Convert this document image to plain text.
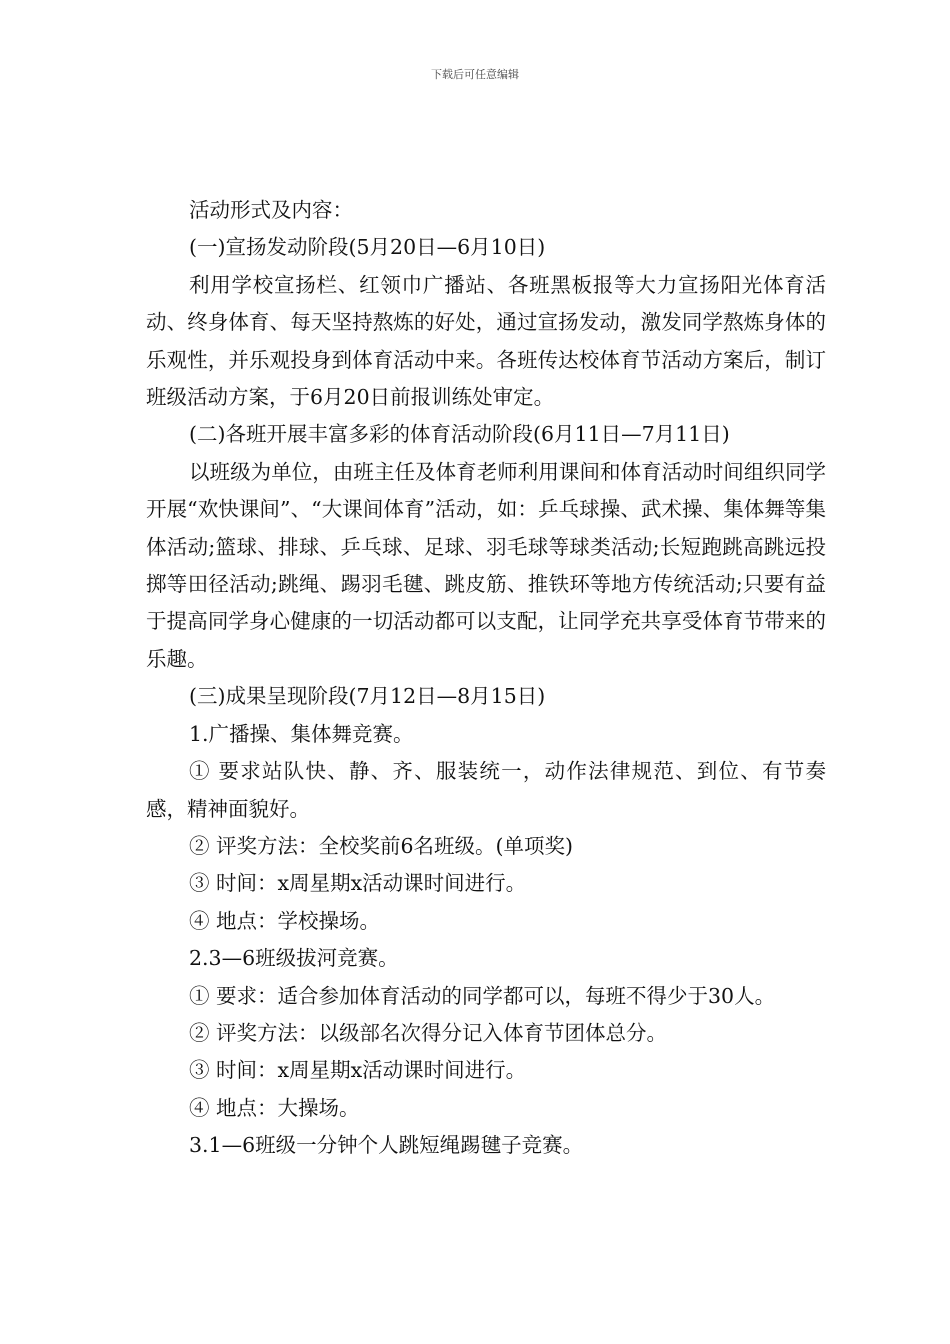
下载后可任意编辑

活动形式及内容：

(一)宣扬发动阶段(5月20日—6月10日)

利用学校宣扬栏、红领巾广播站、各班黑板报等大力宣扬阳光体育活动、终身体育、每天坚持熬炼的好处，通过宣扬发动，激发同学熬炼身体的乐观性，并乐观投身到体育活动中来。各班传达校体育节活动方案后，制订班级活动方案，于6月20日前报训练处审定。

(二)各班开展丰富多彩的体育活动阶段(6月11日—7月11日)

以班级为单位，由班主任及体育老师利用课间和体育活动时间组织同学开展“欢快课间”、“大课间体育”活动，如：乒乓球操、武术操、集体舞等集体活动;篮球、排球、乒乓球、足球、羽毛球等球类活动;长短跑跳高跳远投掷等田径活动;跳绳、踢羽毛毽、跳皮筋、推铁环等地方传统活动;只要有益于提高同学身心健康的一切活动都可以支配，让同学充共享受体育节带来的乐趣。

(三)成果呈现阶段(7月12日—8月15日)

1.广播操、集体舞竞赛。

① 要求站队快、静、齐、服装统一，动作法律规范、到位、有节奏感，精神面貌好。

② 评奖方法：全校奖前6名班级。(单项奖)

③ 时间：x周星期x活动课时间进行。

④ 地点：学校操场。

2.3—6班级拔河竞赛。

① 要求：适合参加体育活动的同学都可以，每班不得少于30人。

② 评奖方法：以级部名次得分记入体育节团体总分。

③ 时间：x周星期x活动课时间进行。

④ 地点：大操场。

3.1—6班级一分钟个人跳短绳踢毽子竞赛。
